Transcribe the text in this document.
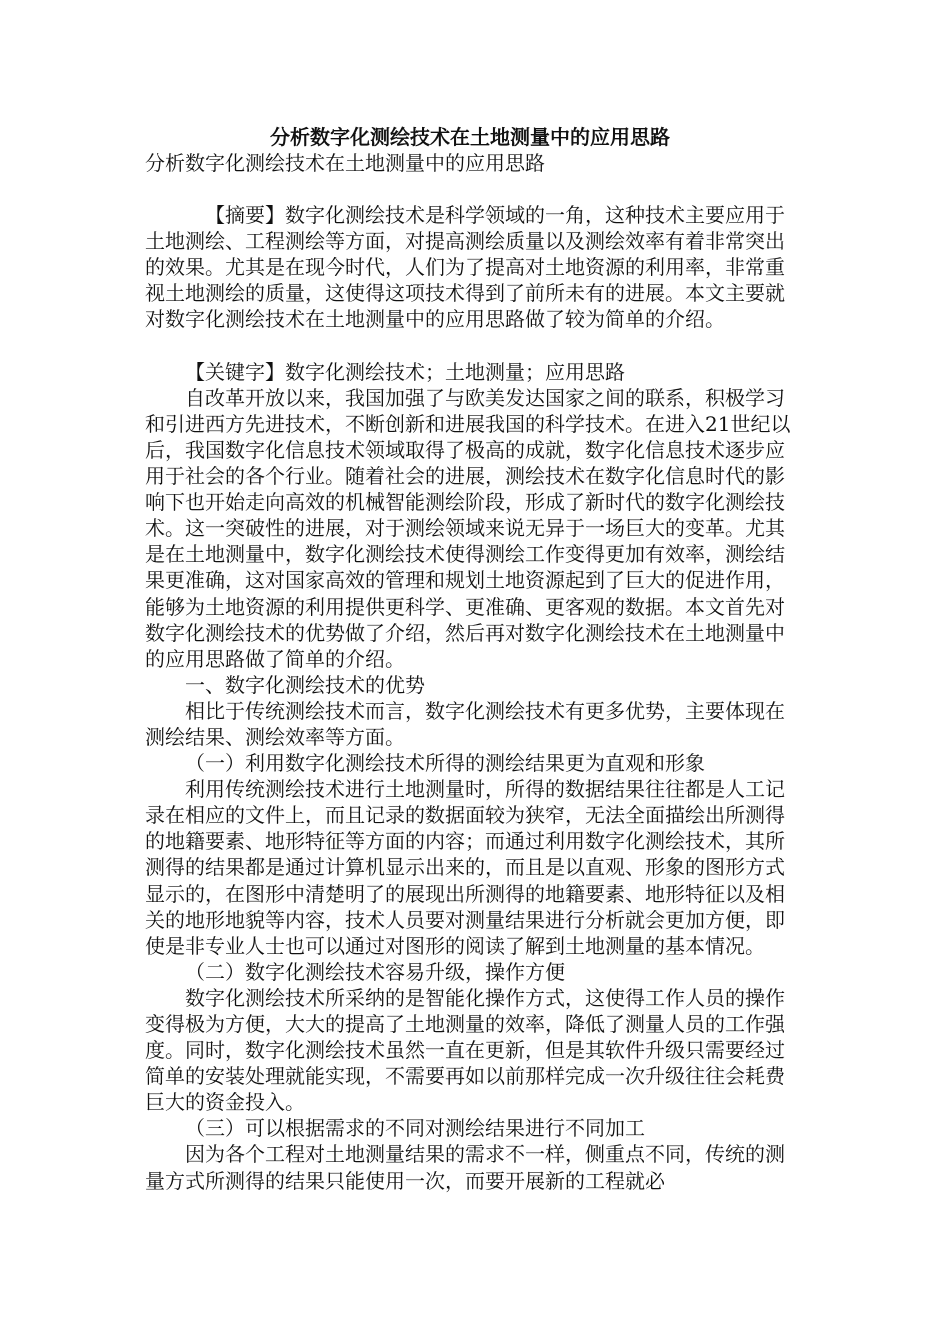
分析数字化测绘技术在土地测量中的应用思路

分析数字化测绘技术在土地测量中的应用思路

【摘要】数字化测绘技术是科学领域的一角，这种技术主要应用于土地测绘、工程测绘等方面，对提高测绘质量以及测绘效率有着非常突出的效果。尤其是在现今时代，人们为了提高对土地资源的利用率，非常重视土地测绘的质量，这使得这项技术得到了前所未有的进展。本文主要就对数字化测绘技术在土地测量中的应用思路做了较为简单的介绍。

【关键字】数字化测绘技术；土地测量；应用思路

自改革开放以来，我国加强了与欧美发达国家之间的联系，积极学习和引进西方先进技术，不断创新和进展我国的科学技术。在进入21世纪以后，我国数字化信息技术领域取得了极高的成就，数字化信息技术逐步应用于社会的各个行业。随着社会的进展，测绘技术在数字化信息时代的影响下也开始走向高效的机械智能测绘阶段，形成了新时代的数字化测绘技术。这一突破性的进展，对于测绘领域来说无异于一场巨大的变革。尤其是在土地测量中，数字化测绘技术使得测绘工作变得更加有效率，测绘结果更准确，这对国家高效的管理和规划土地资源起到了巨大的促进作用，能够为土地资源的利用提供更科学、更准确、更客观的数据。本文首先对数字化测绘技术的优势做了介绍，然后再对数字化测绘技术在土地测量中的应用思路做了简单的介绍。

一、数字化测绘技术的优势

相比于传统测绘技术而言，数字化测绘技术有更多优势，主要体现在测绘结果、测绘效率等方面。

（一）利用数字化测绘技术所得的测绘结果更为直观和形象

利用传统测绘技术进行土地测量时，所得的数据结果往往都是人工记录在相应的文件上，而且记录的数据面较为狭窄，无法全面描绘出所测得的地籍要素、地形特征等方面的内容；而通过利用数字化测绘技术，其所测得的结果都是通过计算机显示出来的，而且是以直观、形象的图形方式显示的，在图形中清楚明了的展现出所测得的地籍要素、地形特征以及相关的地形地貌等内容，技术人员要对测量结果进行分析就会更加方便，即使是非专业人士也可以通过对图形的阅读了解到土地测量的基本情况。

（二）数字化测绘技术容易升级，操作方便

数字化测绘技术所采纳的是智能化操作方式，这使得工作人员的操作变得极为方便，大大的提高了土地测量的效率，降低了测量人员的工作强度。同时，数字化测绘技术虽然一直在更新，但是其软件升级只需要经过简单的安装处理就能实现，不需要再如以前那样完成一次升级往往会耗费巨大的资金投入。

（三）可以根据需求的不同对测绘结果进行不同加工

因为各个工程对土地测量结果的需求不一样，侧重点不同，传统的测量方式所测得的结果只能使用一次，而要开展新的工程就必
